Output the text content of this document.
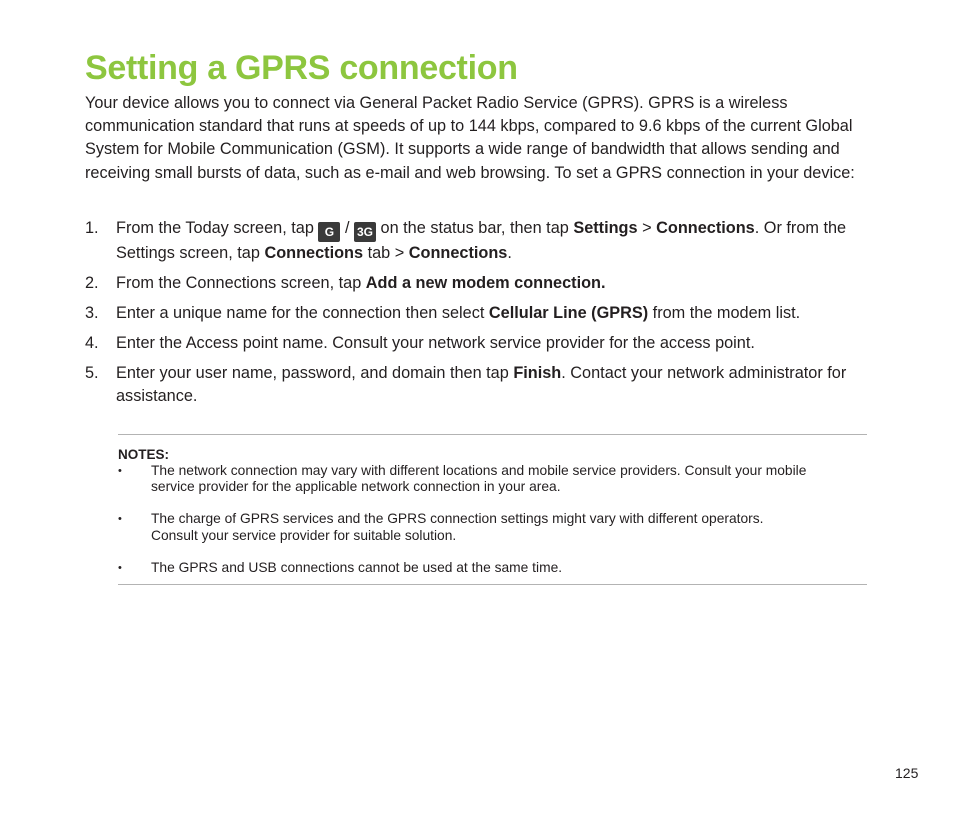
Setting a GPRS connection

Your device allows you to connect via General Packet Radio Service (GPRS). GPRS is a wireless communication standard that runs at speeds of up to 144 kbps, compared to 9.6 kbps of the current Global System for Mobile Communication (GSM). It supports a wide range of bandwidth that allows sending and receiving small bursts of data, such as e-mail and web browsing. To set a GPRS connection in your device:

1. From the Today screen, tap G / 3G on the status bar, then tap Settings > Connections. Or from the Settings screen, tap Connections tab > Connections.
2. From the Connections screen, tap Add a new modem connection.
3. Enter a unique name for the connection then select Cellular Line (GPRS) from the modem list.
4. Enter the Access point name. Consult your network service provider for the access point.
5. Enter your user name, password, and domain then tap Finish. Contact your network administrator for assistance.

NOTES:

• The network connection may vary with different locations and mobile service providers. Consult your mobile
service provider for the applicable network connection in your area.
• The charge of GPRS services and the GPRS connection settings might vary with different operators.
Consult your service provider for suitable solution.
• The GPRS and USB connections cannot be used at the same time.
125
